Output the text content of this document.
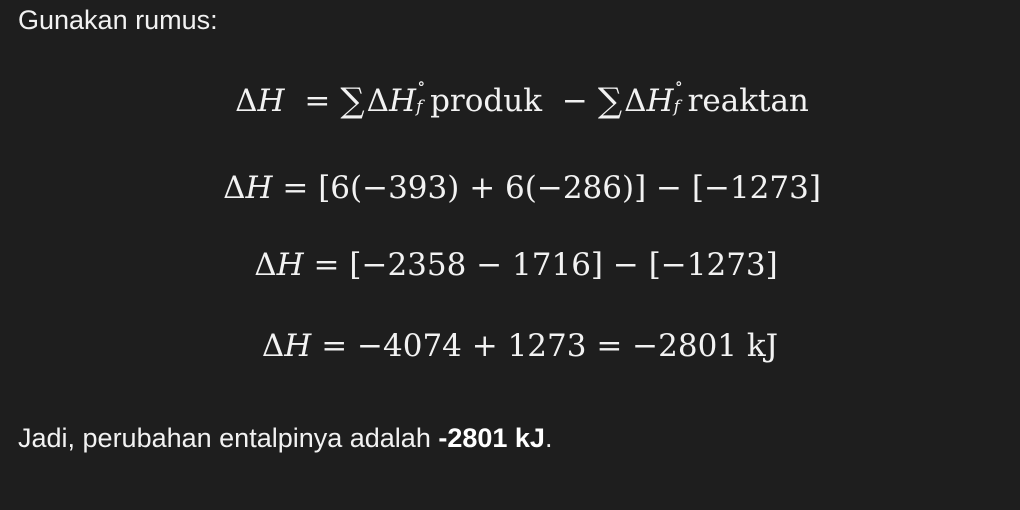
Gunakan rumus:
ΔH = ∑ΔH ∘
f produk − ∑ΔH ∘
f reaktan
ΔH = [6(−393) + 6(−286)] − [−1273]
ΔH = [−2358 − 1716] − [−1273]
ΔH = −4074 + 1273 = −2801 kJ
Jadi, perubahan entalpinya adalah -2801 kJ.
